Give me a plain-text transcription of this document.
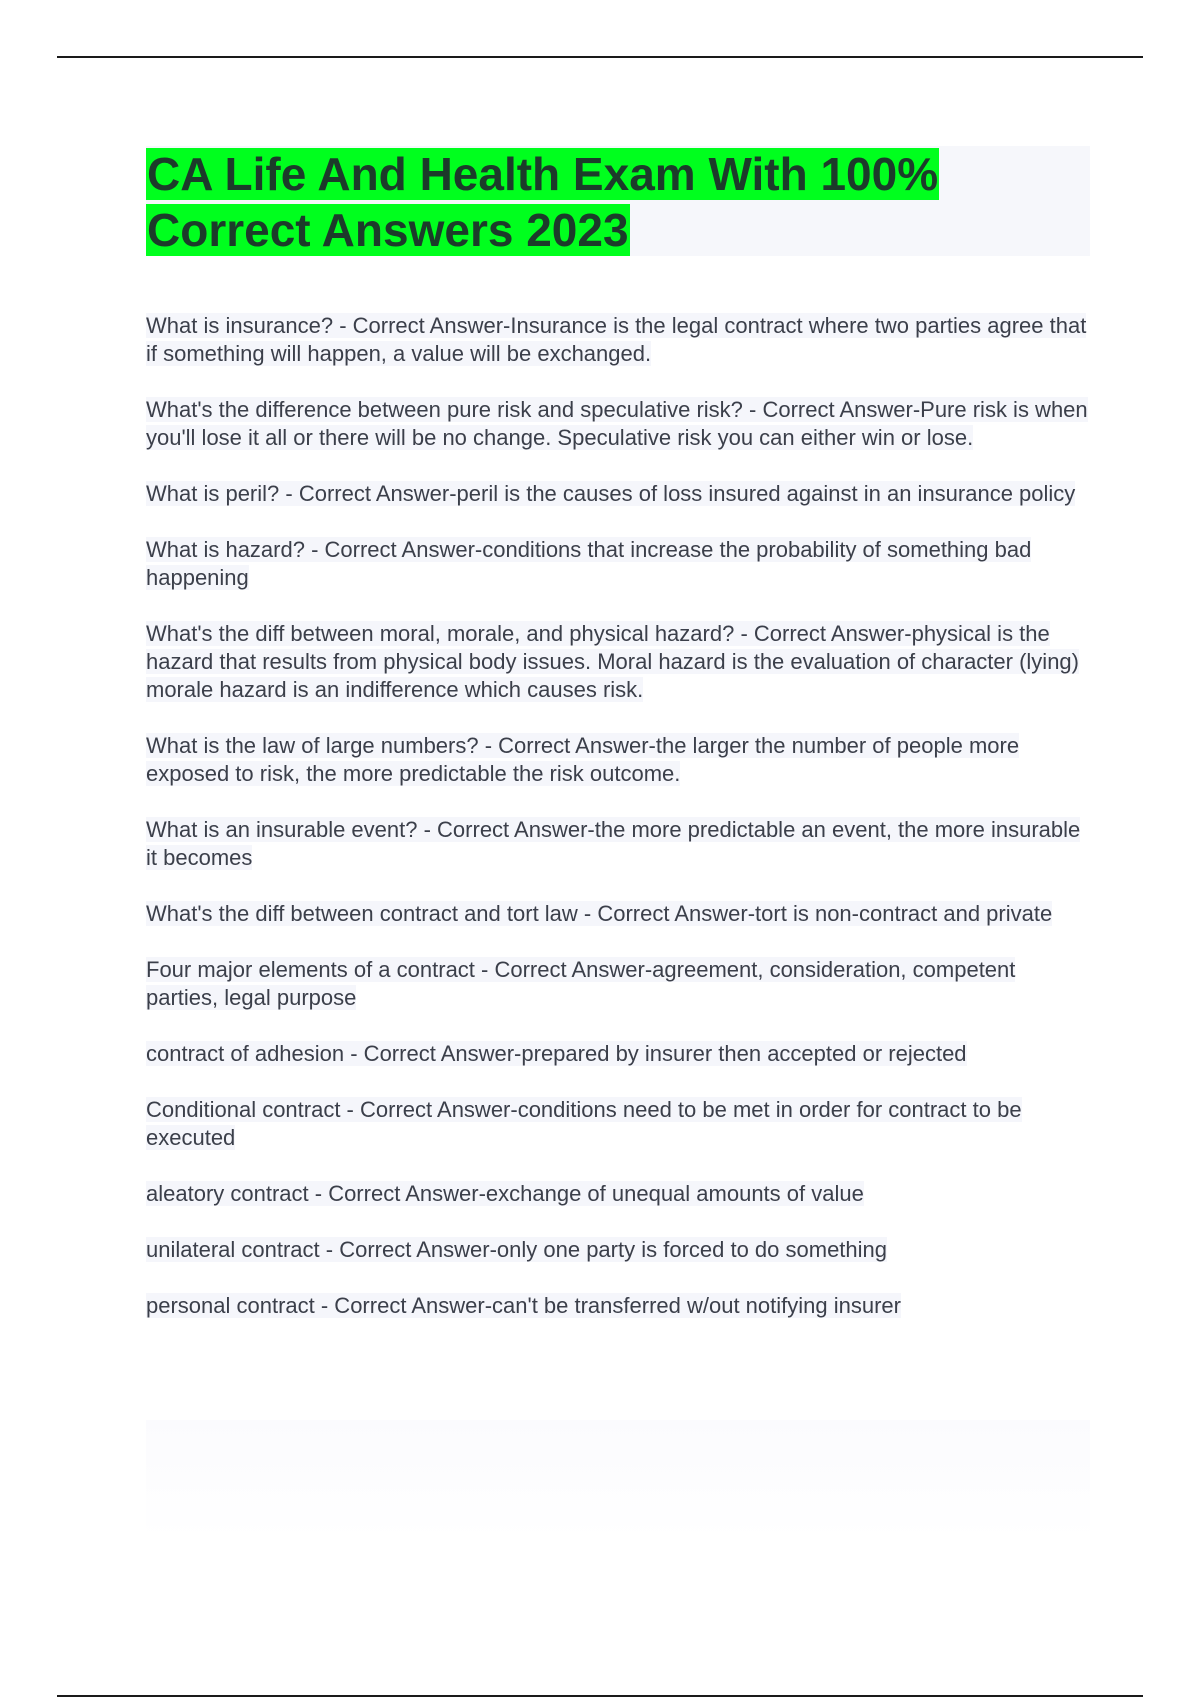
CA Life And Health Exam With 100% Correct Answers 2023
What is insurance? - Correct Answer-Insurance is the legal contract where two parties agree that if something will happen, a value will be exchanged.
What's the difference between pure risk and speculative risk? - Correct Answer-Pure risk is when you'll lose it all or there will be no change. Speculative risk you can either win or lose.
What is peril? - Correct Answer-peril is the causes of loss insured against in an insurance policy
What is hazard? - Correct Answer-conditions that increase the probability of something bad happening
What's the diff between moral, morale, and physical hazard? - Correct Answer-physical is the hazard that results from physical body issues. Moral hazard is the evaluation of character (lying) morale hazard is an indifference which causes risk.
What is the law of large numbers? - Correct Answer-the larger the number of people more exposed to risk, the more predictable the risk outcome.
What is an insurable event? - Correct Answer-the more predictable an event, the more insurable it becomes
What's the diff between contract and tort law - Correct Answer-tort is non-contract and private
Four major elements of a contract - Correct Answer-agreement, consideration, competent parties, legal purpose
contract of adhesion - Correct Answer-prepared by insurer then accepted or rejected
Conditional contract - Correct Answer-conditions need to be met in order for contract to be executed
aleatory contract - Correct Answer-exchange of unequal amounts of value
unilateral contract - Correct Answer-only one party is forced to do something
personal contract - Correct Answer-can't be transferred w/out notifying insurer
